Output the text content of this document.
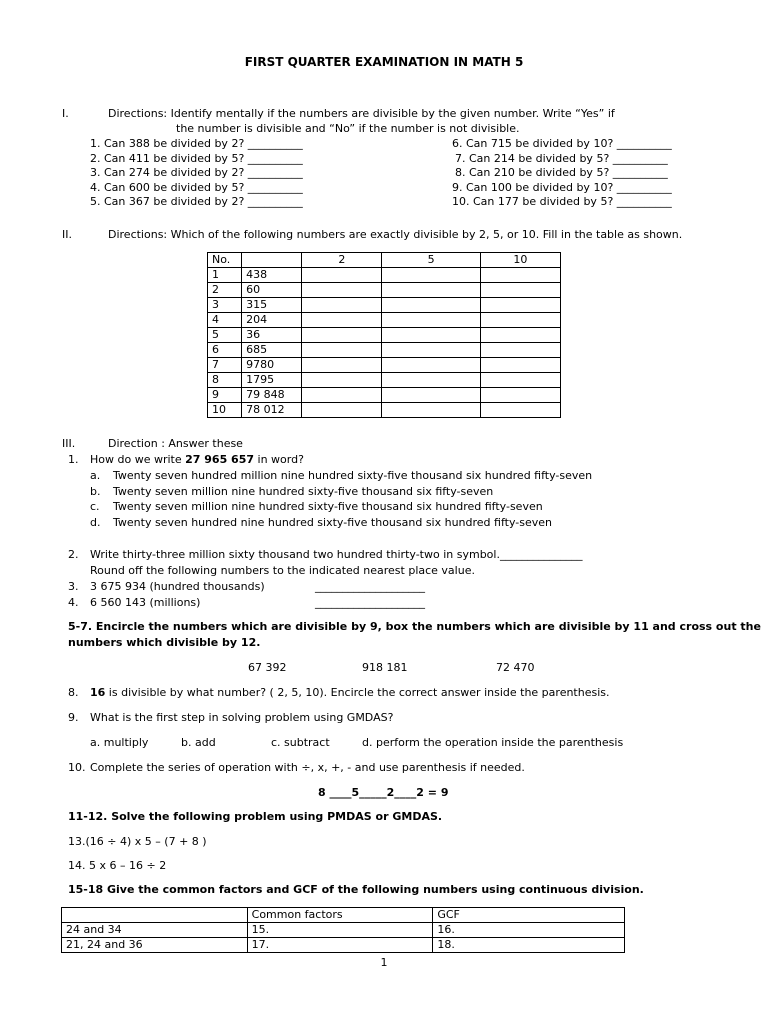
FIRST QUARTER EXAMINATION IN MATH 5
I.	Directions: Identify mentally if the numbers are divisible by the given number. Write “Yes” if
the number is divisible and “No” if the number is not divisible.
1. Can 388 be divided by 2? __________
2. Can 411 be divided by 5? __________
3. Can 274 be divided by 2? __________
4. Can 600 be divided by 5? __________
5. Can 367 be divided by 2? __________
6. Can 715 be divided by 10? __________
7. Can 214 be divided by 5? __________
8. Can 210 be divided by 5? __________
9. Can 100 be divided by 10? __________
10. Can 177 be divided by 5? __________
II.	Directions: Which of the following numbers are exactly divisible by 2, 5, or 10. Fill in the table as shown.
No.		2	5	10
1	438			
2	60			
3	315			
4	204			
5	36			
6	685			
7	9780			
8	1795			
9	79 848			
10	78 012			
III.	Direction : Answer these
1. How do we write 27 965 657 in word?
a. Twenty seven hundred million nine hundred sixty-five thousand six hundred fifty-seven
b. Twenty seven million nine hundred sixty-five thousand six fifty-seven
c. Twenty seven million nine hundred sixty-five thousand six hundred fifty-seven
d. Twenty seven hundred nine hundred sixty-five thousand six hundred fifty-seven
2. Write thirty-three million sixty thousand two hundred thirty-two in symbol._______________
Round off the following numbers to the indicated nearest place value.
3. 3 675 934 (hundred thousands)	____________________
4. 6 560 143 (millions)	____________________
5-7. Encircle the numbers which are divisible by 9, box the numbers which are divisible by 11 and cross out the
numbers which divisible by 12.
67 392	918 181	72 470
8. 16 is divisible by what number? ( 2, 5, 10). Encircle the correct answer inside the parenthesis.
9. What is the first step in solving problem using GMDAS?
a. multiply	b. add	c. subtract	d. perform the operation inside the parenthesis
10. Complete the series of operation with ÷, x, +, - and use parenthesis if needed.
8 ____5_____2____2 = 9
11-12. Solve the following problem using PMDAS or GMDAS.
13.(16 ÷ 4) x 5 – (7 + 8 )
14. 5 x 6 – 16 ÷ 2
15-18 Give the common factors and GCF of the following numbers using continuous division.
	Common factors	GCF
24 and 34	15.	16.
21, 24 and 36	17.	18.
1
